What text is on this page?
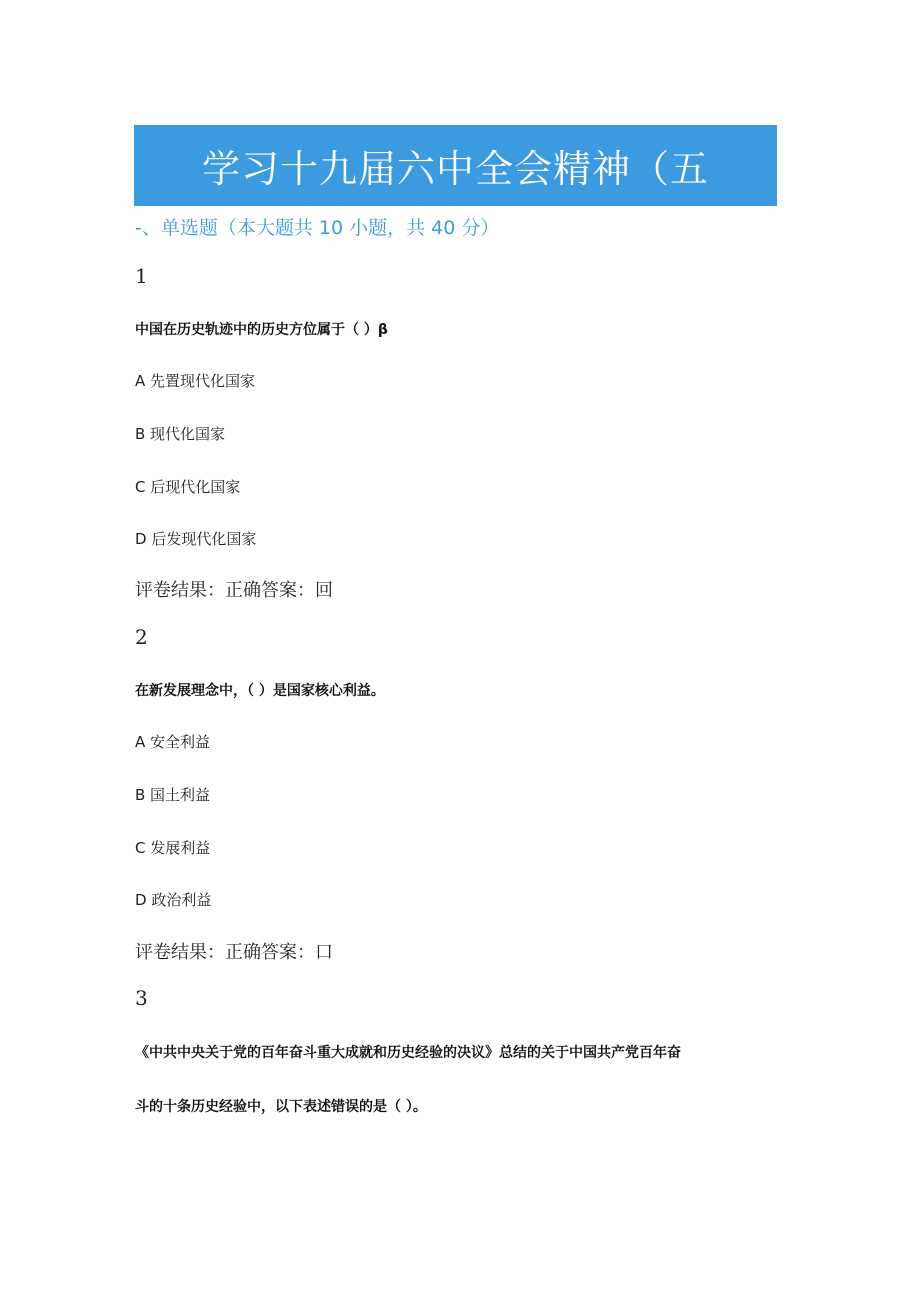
学习十九届六中全会精神（五
-、单选题（本大题共 10 小题，共 40 分）
1
中国在历史轨迹中的历史方位属于（ ）β
A 先置现代化国家
B 现代化国家
C 后现代化国家
D 后发现代化国家
评卷结果：正确答案：回
2
在新发展理念中，（ ）是国家核心利益。
A 安全利益
B 国土利益
C 发展利益
D 政治利益
评卷结果：正确答案：口
3
《中共中央关于党的百年奋斗重大成就和历史经验的决议》总结的关于中国共产党百年奋
斗的十条历史经验中，以下表述错误的是（ ）。
